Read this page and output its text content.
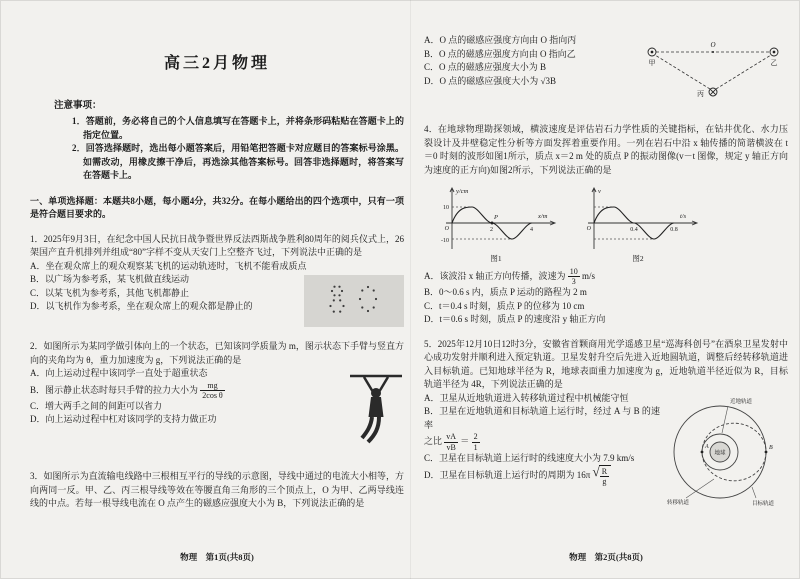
高三2月物理
注意事项：

1．答题前，务必将自己的个人信息填写在答题卡上，并将条形码粘贴在答题卡上的指定位置。

2．回答选择题时，选出每小题答案后，用铅笔把答题卡对应题目的答案标号涂黑。如需改动，用橡皮擦干净后，再选涂其他答案标号。回答非选择题时，将答案写在答题卡上。

一、单项选择题：本题共8小题，每小题4分，共32分。在每小题给出的四个选项中，只有一项是符合题目要求的。

1．2025年9月3日，在纪念中国人民抗日战争暨世界反法西斯战争胜利80周年的阅兵仪式上，26架国产直升机排列并组成“80”字样不变从天安门上空整齐飞过，下列说法中正确的是

A．坐在观众席上的观众观察某飞机的运动轨迹时，飞机不能看成质点

B．以广场为参考系，某飞机做直线运动

C．以某飞机为参考系，其他飞机都静止

D．以飞机作为参考系，坐在观众席上的观众都是静止的

2．如图所示为某同学做引体向上的一个状态，已知该同学质量为 m，图示状态下手臂与竖直方向的夹角均为 θ，重力加速度为 g，下列说法正确的是

A．向上运动过程中该同学一直处于超重状态

B．图示静止状态时每只手臂的拉力大小为 $\frac{mg}{\text{2cos θ}}$

C．增大两手之间的间距可以省力

D．向上运动过程中杠对该同学的支持力做正功

3．如图所示为直流输电线路中三根相互平行的导线的示意图，导线中通过的电流大小相等，方向两同一反。甲、乙、丙三根导线等效在等腰直角三角形的三个顶点上，O 为甲、乙两导线连线的中点。若每一根导线电流在 O 点产生的磁感应强度大小为 B，下列说法正确的是

甲	乙
丙
O

A．O 点的磁感应强度方向由 O 指向丙

B．O 点的磁感应强度方向由 O 指向乙

C．O 点的磁感应强度大小为 B

D．O 点的磁感应强度大小为 √3B

4．在地球物理勘探领域，横波速度是评估岩石力学性质的关键指标，在钻井优化、水力压裂设计及井壁稳定性分析等方面发挥着重要作用。一列在岩石中沿 x 轴传播的简谐横波在 t＝0 时刻的波形如图1所示，质点 x＝2 m 处的质点 P 的振动图像(v－t 图像，规定 y 轴正方向为速度的正方向)如图2所示，下列说法正确的是

y/cm
x/m
O
10
-10
2	4
P
图1
v
t/s
O	0.4	0.8
图2

A．该波沿 x 轴正方向传播，波速为 $\frac{10}{3} m/s$

B．0～0.6 s 内，质点 P 运动的路程为 2 m

C．t＝0.4 s 时刻，质点 P 的位移为 10 cm

D．t＝0.6 s 时刻，质点 P 的速度沿 y 轴正方向

5．2025年12月10日12时3分，安徽省首颗商用光学遥感卫星“巡海科创号”在酒泉卫星发射中心成功发射并顺利进入预定轨道。卫星发射升空后先进入近地圆轨道，调整后经转移轨道进入目标轨道。已知地球半径为 R，地球表面重力加速度为 g，近地轨道半径近似为 R，目标轨道半径为 4R，下列说法正确的是

地球
近地轨道
转移轨道	目标轨道
A	B

A．卫星从近地轨道进入转移轨道过程中机械能守恒

B．卫星在近地轨道和目标轨道上运行时，经过 A 与 B 的速率

之比 $\frac{vA}{vB} = \frac{2}{1}$

C．卫星在目标轨道上运行时的线速度大小为 7.9 km/s

D．卫星在目标轨道上运行时的周期为 16π √ $\frac{R}{g}$

物理　第1页(共8页)	物理　第2页(共8页)
